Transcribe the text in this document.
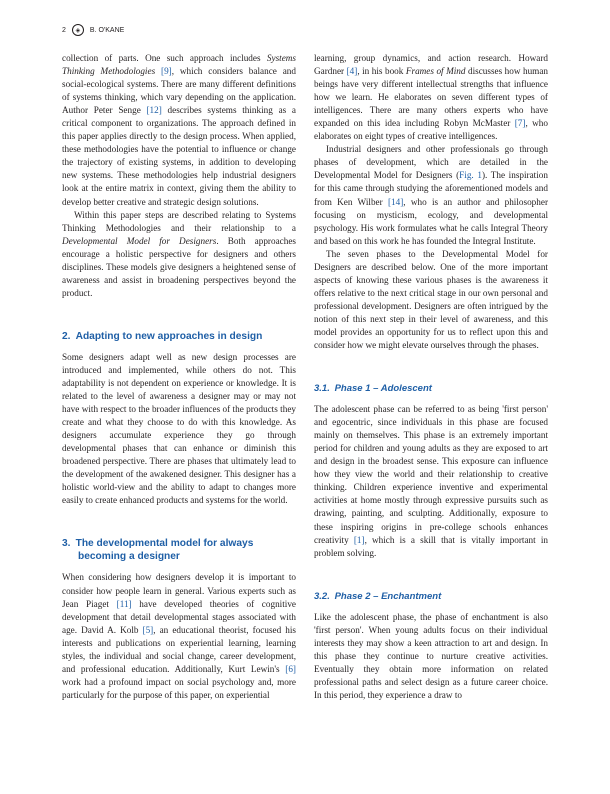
2	◈	B. O'KANE

collection of parts. One such approach includes Systems Thinking Methodologies [9], which considers balance and social-ecological systems. There are many different definitions of systems thinking, which vary depending on the application. Author Peter Senge [12] describes systems thinking as a critical component to organizations. The approach defined in this paper applies directly to the design process. When applied, these methodologies have the potential to influence or change the trajectory of existing systems, in addition to developing new systems. These methodologies help industrial designers look at the entire matrix in context, giving them the ability to develop better creative and strategic design solutions.

Within this paper steps are described relating to Systems Thinking Methodologies and their relationship to a Developmental Model for Designers. Both approaches encourage a holistic perspective for designers and others disciplines. These models give designers a heightened sense of awareness and assist in broadening perspectives beyond the product.

2. Adapting to new approaches in design

Some designers adapt well as new design processes are introduced and implemented, while others do not. This adaptability is not dependent on experience or knowledge. It is related to the level of awareness a designer may or may not have with respect to the broader influences of the products they create and what they choose to do with this knowledge. As designers accumulate experience they go through developmental phases that can enhance or diminish this broadened perspective. There are phases that ultimately lead to the development of the awakened designer. This designer has a holistic world-view and the ability to adapt to changes more easily to create enhanced products and systems for the world.

3. The developmental model for always becoming a designer

When considering how designers develop it is important to consider how people learn in general. Various experts such as Jean Piaget [11] have developed theories of cognitive development that detail developmental stages associated with age. David A. Kolb [5], an educational theorist, focused his interests and publications on experiential learning, learning styles, the individual and social change, career development, and professional education. Additionally, Kurt Lewin's [6] work had a profound impact on social psychology and, more particularly for the purpose of this paper, on experiential

learning, group dynamics, and action research. Howard Gardner [4], in his book Frames of Mind discusses how human beings have very different intellectual strengths that influence how we learn. He elaborates on seven different types of intelligences. There are many others experts who have expanded on this idea including Robyn McMaster [7], who elaborates on eight types of creative intelligences.

Industrial designers and other professionals go through phases of development, which are detailed in the Developmental Model for Designers (Fig. 1). The inspiration for this came through studying the aforementioned models and from Ken Wilber [14], who is an author and philosopher focusing on mysticism, ecology, and developmental psychology. His work formulates what he calls Integral Theory and based on this work he has founded the Integral Institute.

The seven phases to the Developmental Model for Designers are described below. One of the more important aspects of knowing these various phases is the awareness it offers relative to the next critical stage in our own personal and professional development. Designers are often intrigued by the notion of this next step in their level of awareness, and this model provides an opportunity for us to reflect upon this and consider how we might elevate ourselves through the phases.

3.1. Phase 1 – Adolescent

The adolescent phase can be referred to as being 'first person' and egocentric, since individuals in this phase are focused mainly on themselves. This phase is an extremely important period for children and young adults as they are exposed to art and design in the broadest sense. This exposure can influence how they view the world and their relationship to creative thinking. Children experience inventive and experimental activities at home mostly through expressive pursuits such as drawing, painting, and sculpting. Additionally, exposure to these inspiring origins in pre-college schools enhances creativity [1], which is a skill that is vitally important in problem solving.

3.2. Phase 2 – Enchantment

Like the adolescent phase, the phase of enchantment is also 'first person'. When young adults focus on their individual interests they may show a keen attraction to art and design. In this phase they continue to nurture creative activities. Eventually they obtain more information on related professional paths and select design as a future career choice. In this period, they experience a draw to
